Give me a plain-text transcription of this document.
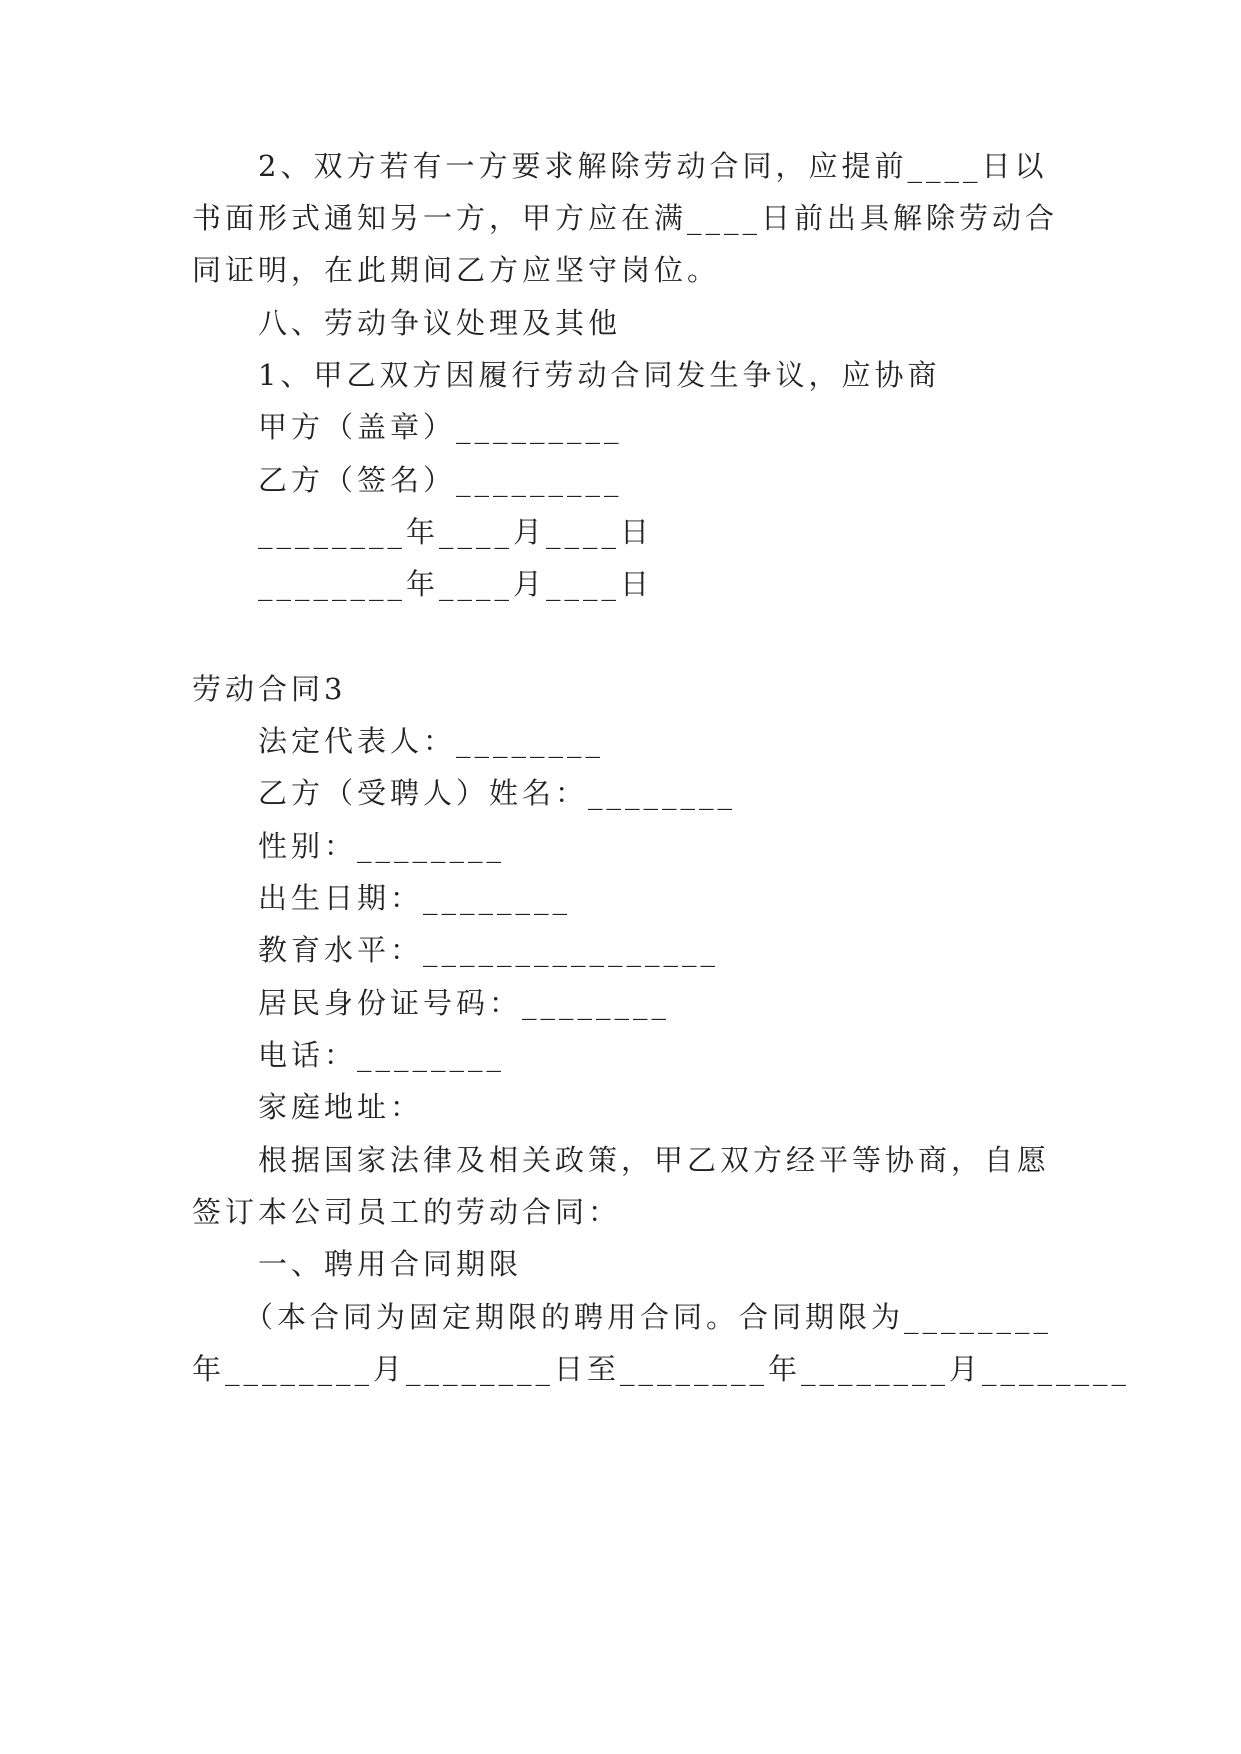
2、双方若有一方要求解除劳动合同，应提前____日以
书面形式通知另一方，甲方应在满____日前出具解除劳动合
同证明，在此期间乙方应坚守岗位。
八、劳动争议处理及其他
1、甲乙双方因履行劳动合同发生争议，应协商
甲方（盖章）_________
乙方（签名）_________
________年____月____日
________年____月____日
劳动合同3
法定代表人：________
乙方（受聘人）姓名：________
性别：________
出生日期：________
教育水平：________________
居民身份证号码：________
电话：________
家庭地址：
根据国家法律及相关政策，甲乙双方经平等协商，自愿
签订本公司员工的劳动合同：
一、聘用合同期限
（本合同为固定期限的聘用合同。合同期限为________
年________月________日至________年________月________
